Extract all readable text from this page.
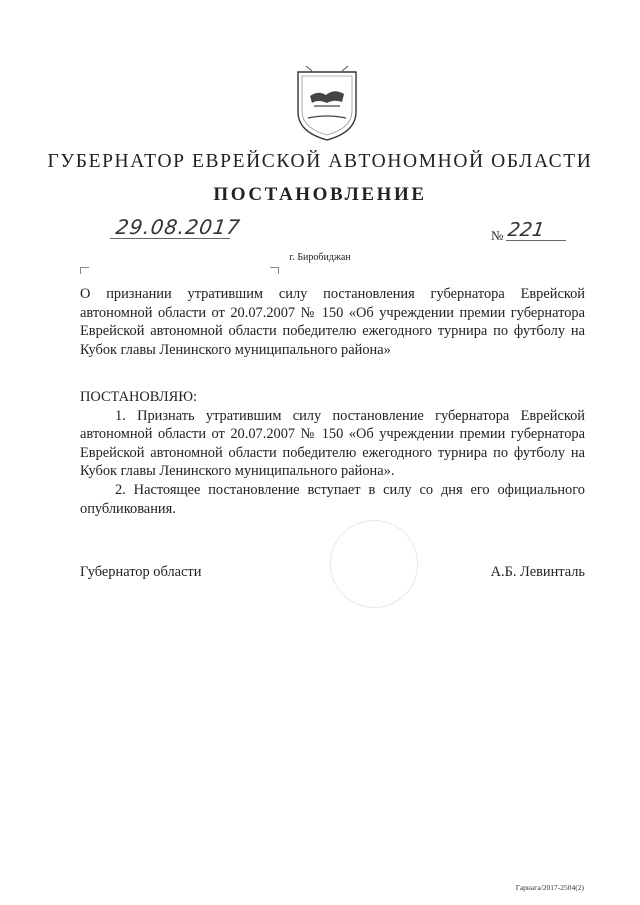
ГУБЕРНАТОР ЕВРЕЙСКОЙ АВТОНОМНОЙ ОБЛАСТИ
ПОСТАНОВЛЕНИЕ
29.08.2017	№ 221
г. Биробиджан
О признании утратившим силу постановления губернатора Еврейской автономной области от 20.07.2007 № 150 «Об учреждении премии губернатора Еврейской автономной области победителю ежегодного турнира по футболу на Кубок главы Ленинского муниципального района»
ПОСТАНОВЛЯЮ:
1. Признать утратившим силу постановление губернатора Еврейской автономной области от 20.07.2007 № 150 «Об учреждении премии губернатора Еврейской автономной области победителю ежегодного турнира по футболу на Кубок главы Ленинского муниципального района».
2. Настоящее постановление вступает в силу со дня его официального опубликования.
Губернатор области	А.Б. Левинталь
Гарнага/2017-2504(2)
